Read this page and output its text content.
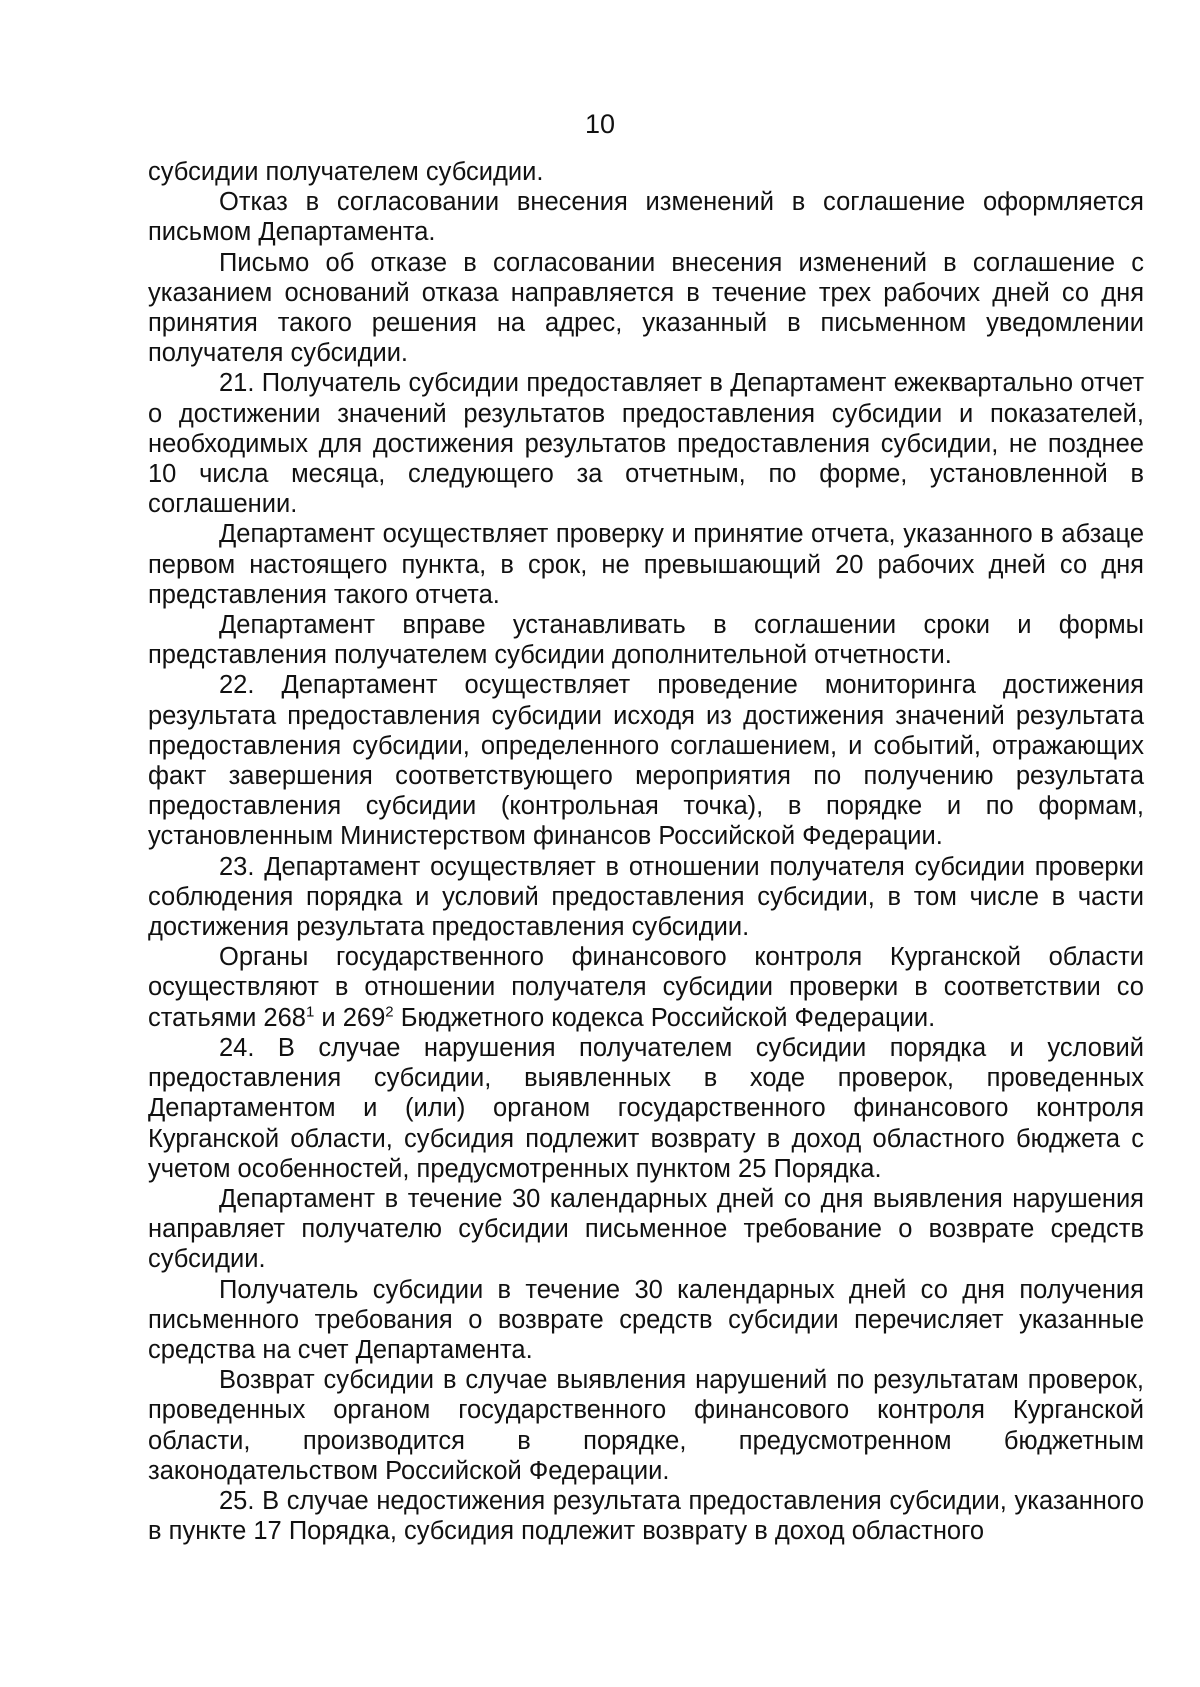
10

субсидии получателем субсидии.

Отказ в согласовании внесения изменений в соглашение оформляется письмом Департамента.

Письмо об отказе в согласовании внесения изменений в соглашение с указанием оснований отказа направляется в течение трех рабочих дней со дня принятия такого решения на адрес, указанный в письменном уведомлении получателя субсидии.

21. Получатель субсидии предоставляет в Департамент ежеквартально отчет о достижении значений результатов предоставления субсидии и показателей, необходимых для достижения результатов предоставления субсидии, не позднее 10 числа месяца, следующего за отчетным, по форме, установленной в соглашении.

Департамент осуществляет проверку и принятие отчета, указанного в абзаце первом настоящего пункта, в срок, не превышающий 20 рабочих дней со дня представления такого отчета.

Департамент вправе устанавливать в соглашении сроки и формы представления получателем субсидии дополнительной отчетности.

22. Департамент осуществляет проведение мониторинга достижения результата предоставления субсидии исходя из достижения значений результата предоставления субсидии, определенного соглашением, и событий, отражающих факт завершения соответствующего мероприятия по получению результата предоставления субсидии (контрольная точка), в порядке и по формам, установленным Министерством финансов Российской Федерации.

23. Департамент осуществляет в отношении получателя субсидии проверки соблюдения порядка и условий предоставления субсидии, в том числе в части достижения результата предоставления субсидии.

Органы государственного финансового контроля Курганской области осуществляют в отношении получателя субсидии проверки в соответствии со статьями $268^1$ и $269^2$ Бюджетного кодекса Российской Федерации.

24. В случае нарушения получателем субсидии порядка и условий предоставления субсидии, выявленных в ходе проверок, проведенных Департаментом и (или) органом государственного финансового контроля Курганской области, субсидия подлежит возврату в доход областного бюджета с учетом особенностей, предусмотренных пунктом 25 Порядка.

Департамент в течение 30 календарных дней со дня выявления нарушения направляет получателю субсидии письменное требование о возврате средств субсидии.

Получатель субсидии в течение 30 календарных дней со дня получения письменного требования о возврате средств субсидии перечисляет указанные средства на счет Департамента.

Возврат субсидии в случае выявления нарушений по результатам проверок, проведенных органом государственного финансового контроля Курганской области, производится в порядке, предусмотренном бюджетным законодательством Российской Федерации.

25. В случае недостижения результата предоставления субсидии, указанного в пункте 17 Порядка, субсидия подлежит возврату в доход областного
